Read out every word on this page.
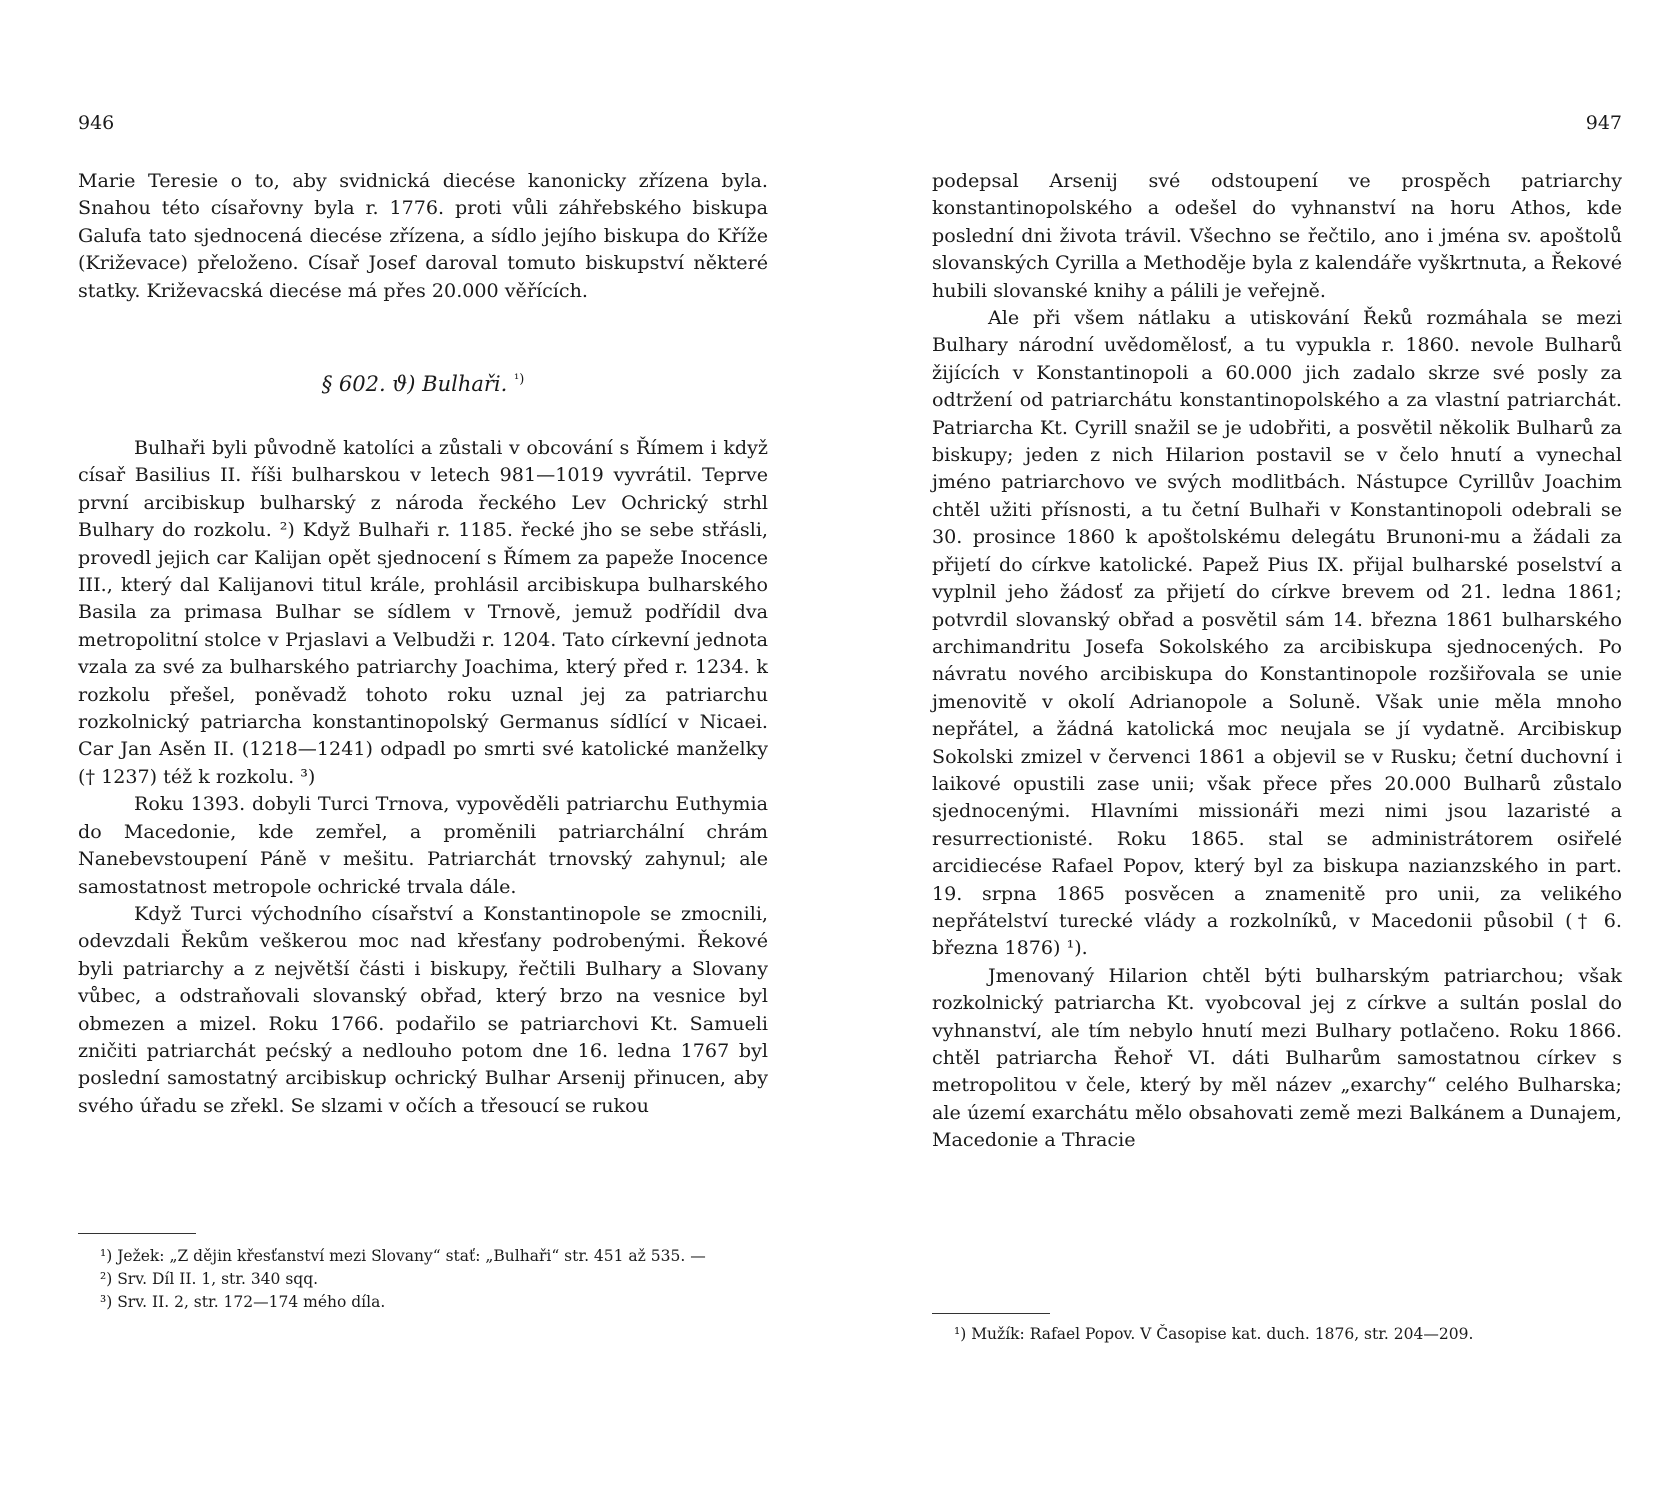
946

Marie Teresie o to, aby svidnická diecése kanonicky zřízena byla. Snahou této císařovny byla r. 1776. proti vůli záhřebského biskupa Galufa tato sjednocená diecése zřízena, a sídlo jejího biskupa do Kříže (Križevace) přeloženo. Císař Josef daroval tomuto biskupství některé statky. Križevacská diecése má přes 20.000 věřících.

§ 602. ϑ) Bulhaři. $^{^1)}$

Bulhaři byli původně katolíci a zůstali v obcování s Římem i když císař Basilius II. říši bulharskou v letech 981—1019 vyvrátil. Teprve první arcibiskup bulharský z národa řeckého Lev Ochrický strhl Bulhary do rozkolu. ²) Když Bulhaři r. 1185. řecké jho se sebe střásli, provedl jejich car Kalijan opět sjednocení s Římem za papeže Inocence III., který dal Kalijanovi titul krále, prohlásil arcibiskupa bulharského Basila za primasa Bulhar se sídlem v Trnově, jemuž podřídil dva metropolitní stolce v Prjaslavi a Velbudži r. 1204. Tato církevní jednota vzala za své za bulharského patriarchy Joachima, který před r. 1234. k rozkolu přešel, poněvadž tohoto roku uznal jej za patriarchu rozkolnický patriarcha konstantinopolský Germanus sídlící v Nicaei. Car Jan Asěn II. (1218—1241) odpadl po smrti své katolické manželky († 1237) též k rozkolu. ³)

Roku 1393. dobyli Turci Trnova, vypověděli patriarchu Euthymia do Macedonie, kde zemřel, a proměnili patriarchální chrám Nanebevstoupení Páně v mešitu. Patriarchát trnovský zahynul; ale samostatnost metropole ochrické trvala dále.

Když Turci východního císařství a Konstantinopole se zmocnili, odevzdali Řekům veškerou moc nad křesťany podrobenými. Řekové byli patriarchy a z největší části i biskupy, řečtili Bulhary a Slovany vůbec, a odstraňovali slovanský obřad, který brzo na vesnice byl obmezen a mizel. Roku 1766. podařilo se patriarchovi Kt. Samueli zničiti patriarchát pećský a nedlouho potom dne 16. ledna 1767 byl poslední samostatný arcibiskup ochrický Bulhar Arsenij přinucen, aby svého úřadu se zřekl. Se slzami v očích a třesoucí se rukou

¹) Ježek: „Z dějin křesťanství mezi Slovany“ stať: „Bulhaři“ str. 451 až 535. —

²) Srv. Díl II. 1, str. 340 sqq.

³) Srv. II. 2, str. 172—174 mého díla.

947

podepsal Arsenij své odstoupení ve prospěch patriarchy konstantinopolského a odešel do vyhnanství na horu Athos, kde poslední dni života trávil. Všechno se řečtilo, ano i jména sv. apoštolů slovanských Cyrilla a Methoděje byla z kalendáře vyškrtnuta, a Řekové hubili slovanské knihy a pálili je veřejně.

Ale při všem nátlaku a utiskování Řeků rozmáhala se mezi Bulhary národní uvědomělosť, a tu vypukla r. 1860. nevole Bulharů žijících v Konstantinopoli a 60.000 jich zadalo skrze své posly za odtržení od patriarchátu konstantinopolského a za vlastní patriarchát. Patriarcha Kt. Cyrill snažil se je udobřiti, a posvětil několik Bulharů za biskupy; jeden z nich Hilarion postavil se v čelo hnutí a vynechal jméno patriarchovo ve svých modlitbách. Nástupce Cyrillův Joachim chtěl užiti přísnosti, a tu četní Bulhaři v Konstantinopoli odebrali se 30. prosince 1860 k apoštolskému delegátu Brunoni-mu a žádali za přijetí do církve katolické. Papež Pius IX. přijal bulharské poselství a vyplnil jeho žádosť za přijetí do církve brevem od 21. ledna 1861; potvrdil slovanský obřad a posvětil sám 14. března 1861 bulharského archimandritu Josefa Sokolského za arcibiskupa sjednocených. Po návratu nového arcibiskupa do Konstantinopole rozšiřovala se unie jmenovitě v okolí Adrianopole a Soluně. Však unie měla mnoho nepřátel, a žádná katolická moc neujala se jí vydatně. Arcibiskup Sokolski zmizel v červenci 1861 a objevil se v Rusku; četní duchovní i laikové opustili zase unii; však přece přes 20.000 Bulharů zůstalo sjednocenými. Hlavními missionáři mezi nimi jsou lazaristé a resurrectionisté. Roku 1865. stal se administrátorem osiřelé arcidiecése Rafael Popov, který byl za biskupa nazianzského in part. 19. srpna 1865 posvěcen a znamenitě pro unii, za velikého nepřátelství turecké vlády a rozkolníků, v Macedonii působil († 6. března 1876) ¹).

Jmenovaný Hilarion chtěl býti bulharským patriarchou; však rozkolnický patriarcha Kt. vyobcoval jej z církve a sultán poslal do vyhnanství, ale tím nebylo hnutí mezi Bulhary potlačeno. Roku 1866. chtěl patriarcha Řehoř VI. dáti Bulharům samostatnou církev s metropolitou v čele, který by měl název „exarchy“ celého Bulharska; ale území exarchátu mělo obsahovati země mezi Balkánem a Dunajem, Macedonie a Thracie

¹) Mužík: Rafael Popov. V Časopise kat. duch. 1876, str. 204—209.
